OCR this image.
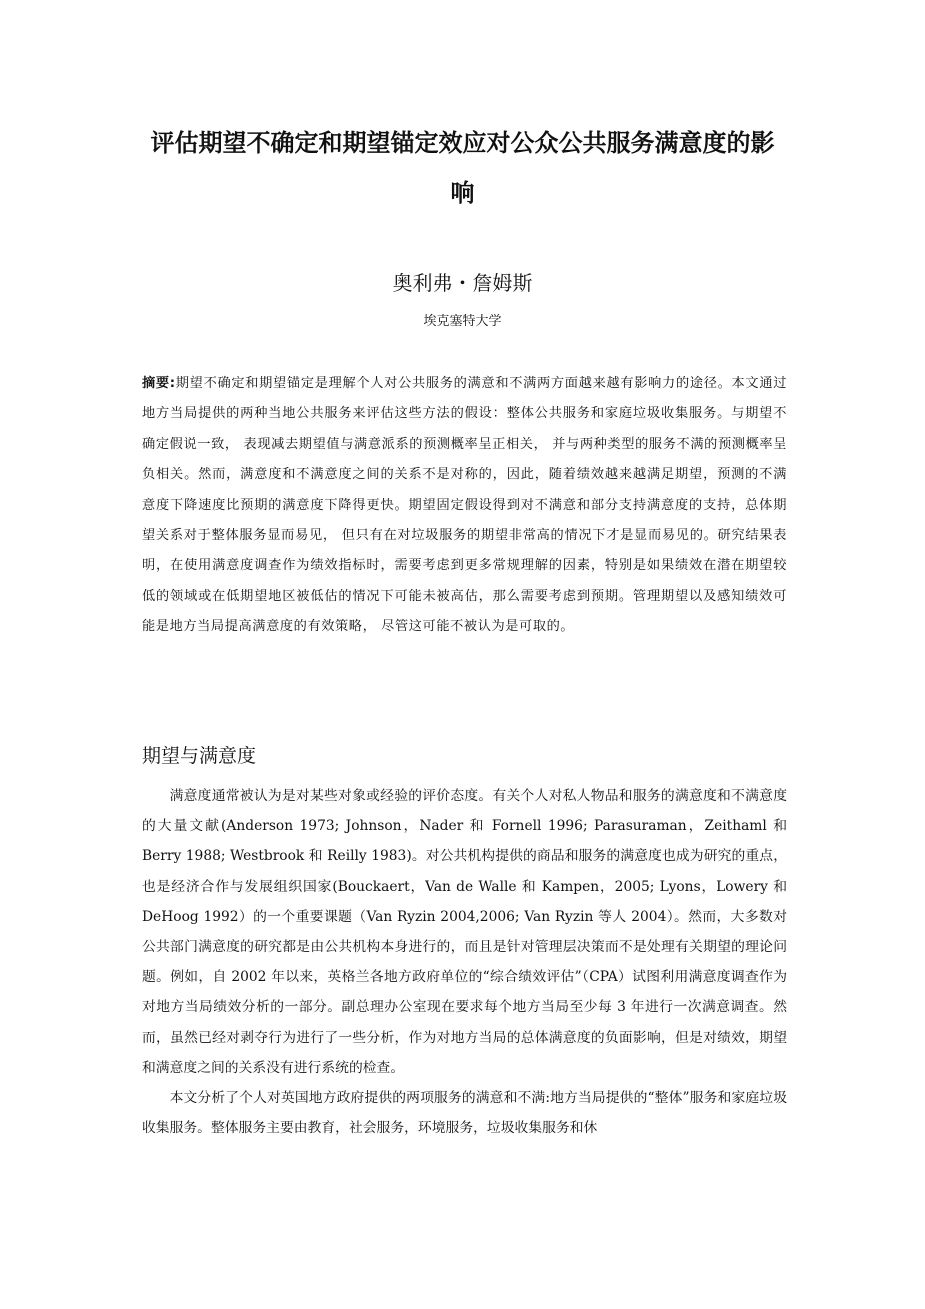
评估期望不确定和期望锚定效应对公众公共服务满意度的影响
奥利弗・詹姆斯
埃克塞特大学

摘要:期望不确定和期望锚定是理解个人对公共服务的满意和不满两方面越来越有影响力的途径。本文通过地方当局提供的两种当地公共服务来评估这些方法的假设：整体公共服务和家庭垃圾收集服务。与期望不确定假说一致， 表现减去期望值与满意派系的预测概率呈正相关， 并与两种类型的服务不满的预测概率呈负相关。然而，满意度和不满意度之间的关系不是对称的，因此，随着绩效越来越满足期望，预测的不满意度下降速度比预期的满意度下降得更快。期望固定假设得到对不满意和部分支持满意度的支持，总体期望关系对于整体服务显而易见， 但只有在对垃圾服务的期望非常高的情况下才是显而易见的。研究结果表明，在使用满意度调查作为绩效指标时，需要考虑到更多常规理解的因素，特别是如果绩效在潜在期望较低的领域或在低期望地区被低估的情况下可能未被高估，那么需要考虑到预期。管理期望以及感知绩效可能是地方当局提高满意度的有效策略， 尽管这可能不被认为是可取的。

期望与满意度

满意度通常被认为是对某些对象或经验的评价态度。有关个人对私人物品和服务的满意度和不满意度的大量文献(Anderson 1973; Johnson，Nader 和 Fornell 1996; Parasuraman，Zeithaml 和 Berry 1988; Westbrook 和 Reilly 1983)。对公共机构提供的商品和服务的满意度也成为研究的重点，也是经济合作与发展组织国家(Bouckaert，Van de Walle 和 Kampen，2005; Lyons，Lowery 和 DeHoog 1992）的一个重要课题（Van Ryzin 2004,2006; Van Ryzin 等人 2004）。然而，大多数对公共部门满意度的研究都是由公共机构本身进行的，而且是针对管理层决策而不是处理有关期望的理论问题。例如，自 2002 年以来，英格兰各地方政府单位的“综合绩效评估”（CPA）试图利用满意度调查作为对地方当局绩效分析的一部分。副总理办公室现在要求每个地方当局至少每 3 年进行一次满意调查。然而，虽然已经对剥夺行为进行了一些分析，作为对地方当局的总体满意度的负面影响，但是对绩效，期望和满意度之间的关系没有进行系统的检查。

本文分析了个人对英国地方政府提供的两项服务的满意和不满:地方当局提供的“整体”服务和家庭垃圾收集服务。整体服务主要由教育，社会服务，环境服务，垃圾收集服务和休
